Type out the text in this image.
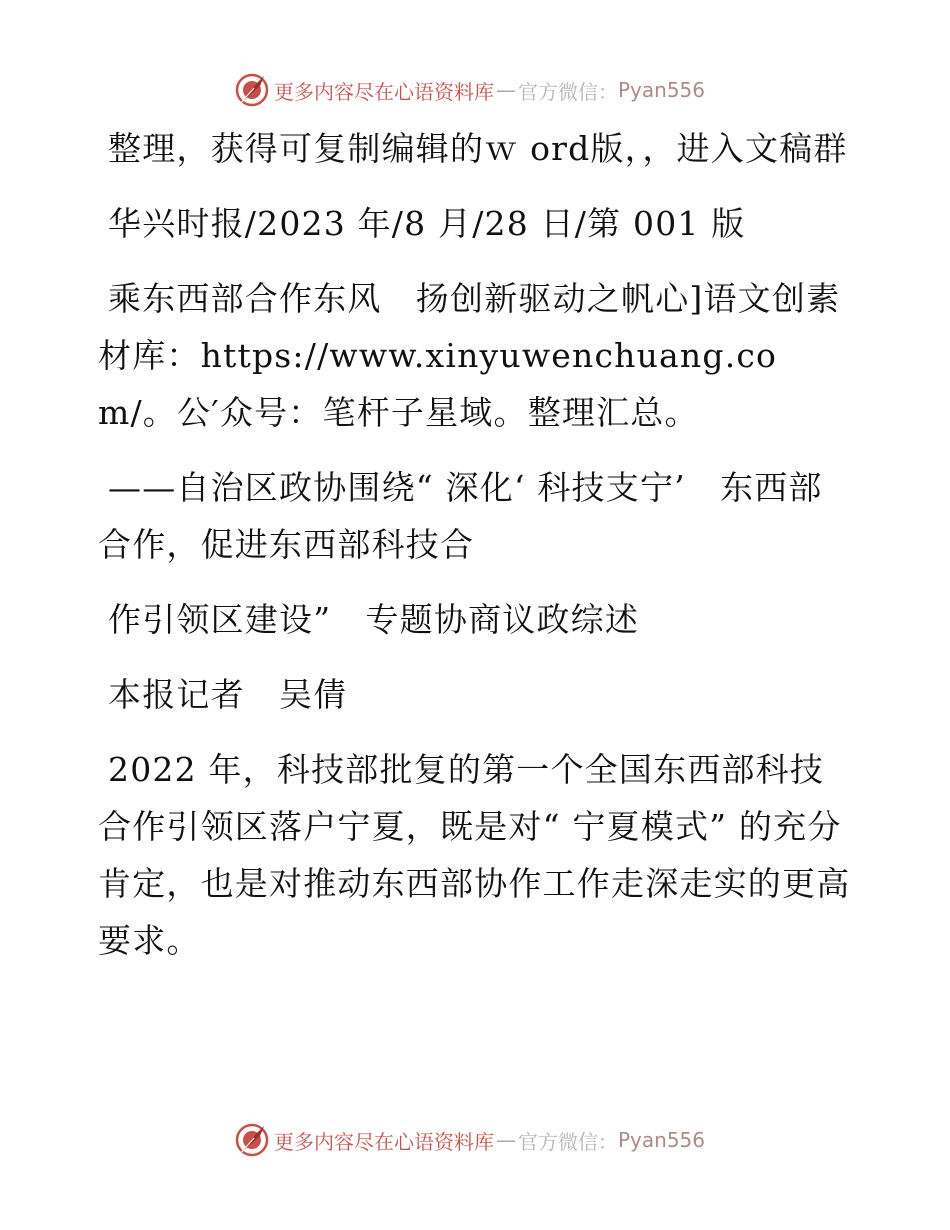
更多内容尽在心语资料库 — 官方微信： Pyan556

整理，获得可复制编辑的ｗ ord版，，进入文稿群

华兴时报/2023 年/8 月/28 日/第 001 版

乘东西部合作东风　扬创新驱动之帆心]语文创素材库：https://www.xinyuwenchuang.com/。公′众号：笔杆子星域。整理汇总。

——自治区政协围绕“ 深化‘ 科技支宁’　东西部合作，促进东西部科技合

作引领区建设”　专题协商议政综述

本报记者　吴倩

2022 年，科技部批复的第一个全国东西部科技合作引领区落户宁夏，既是对“ 宁夏模式” 的充分肯定，也是对推动东西部协作工作走深走实的更高要求。

更多内容尽在心语资料库 — 官方微信： Pyan556
